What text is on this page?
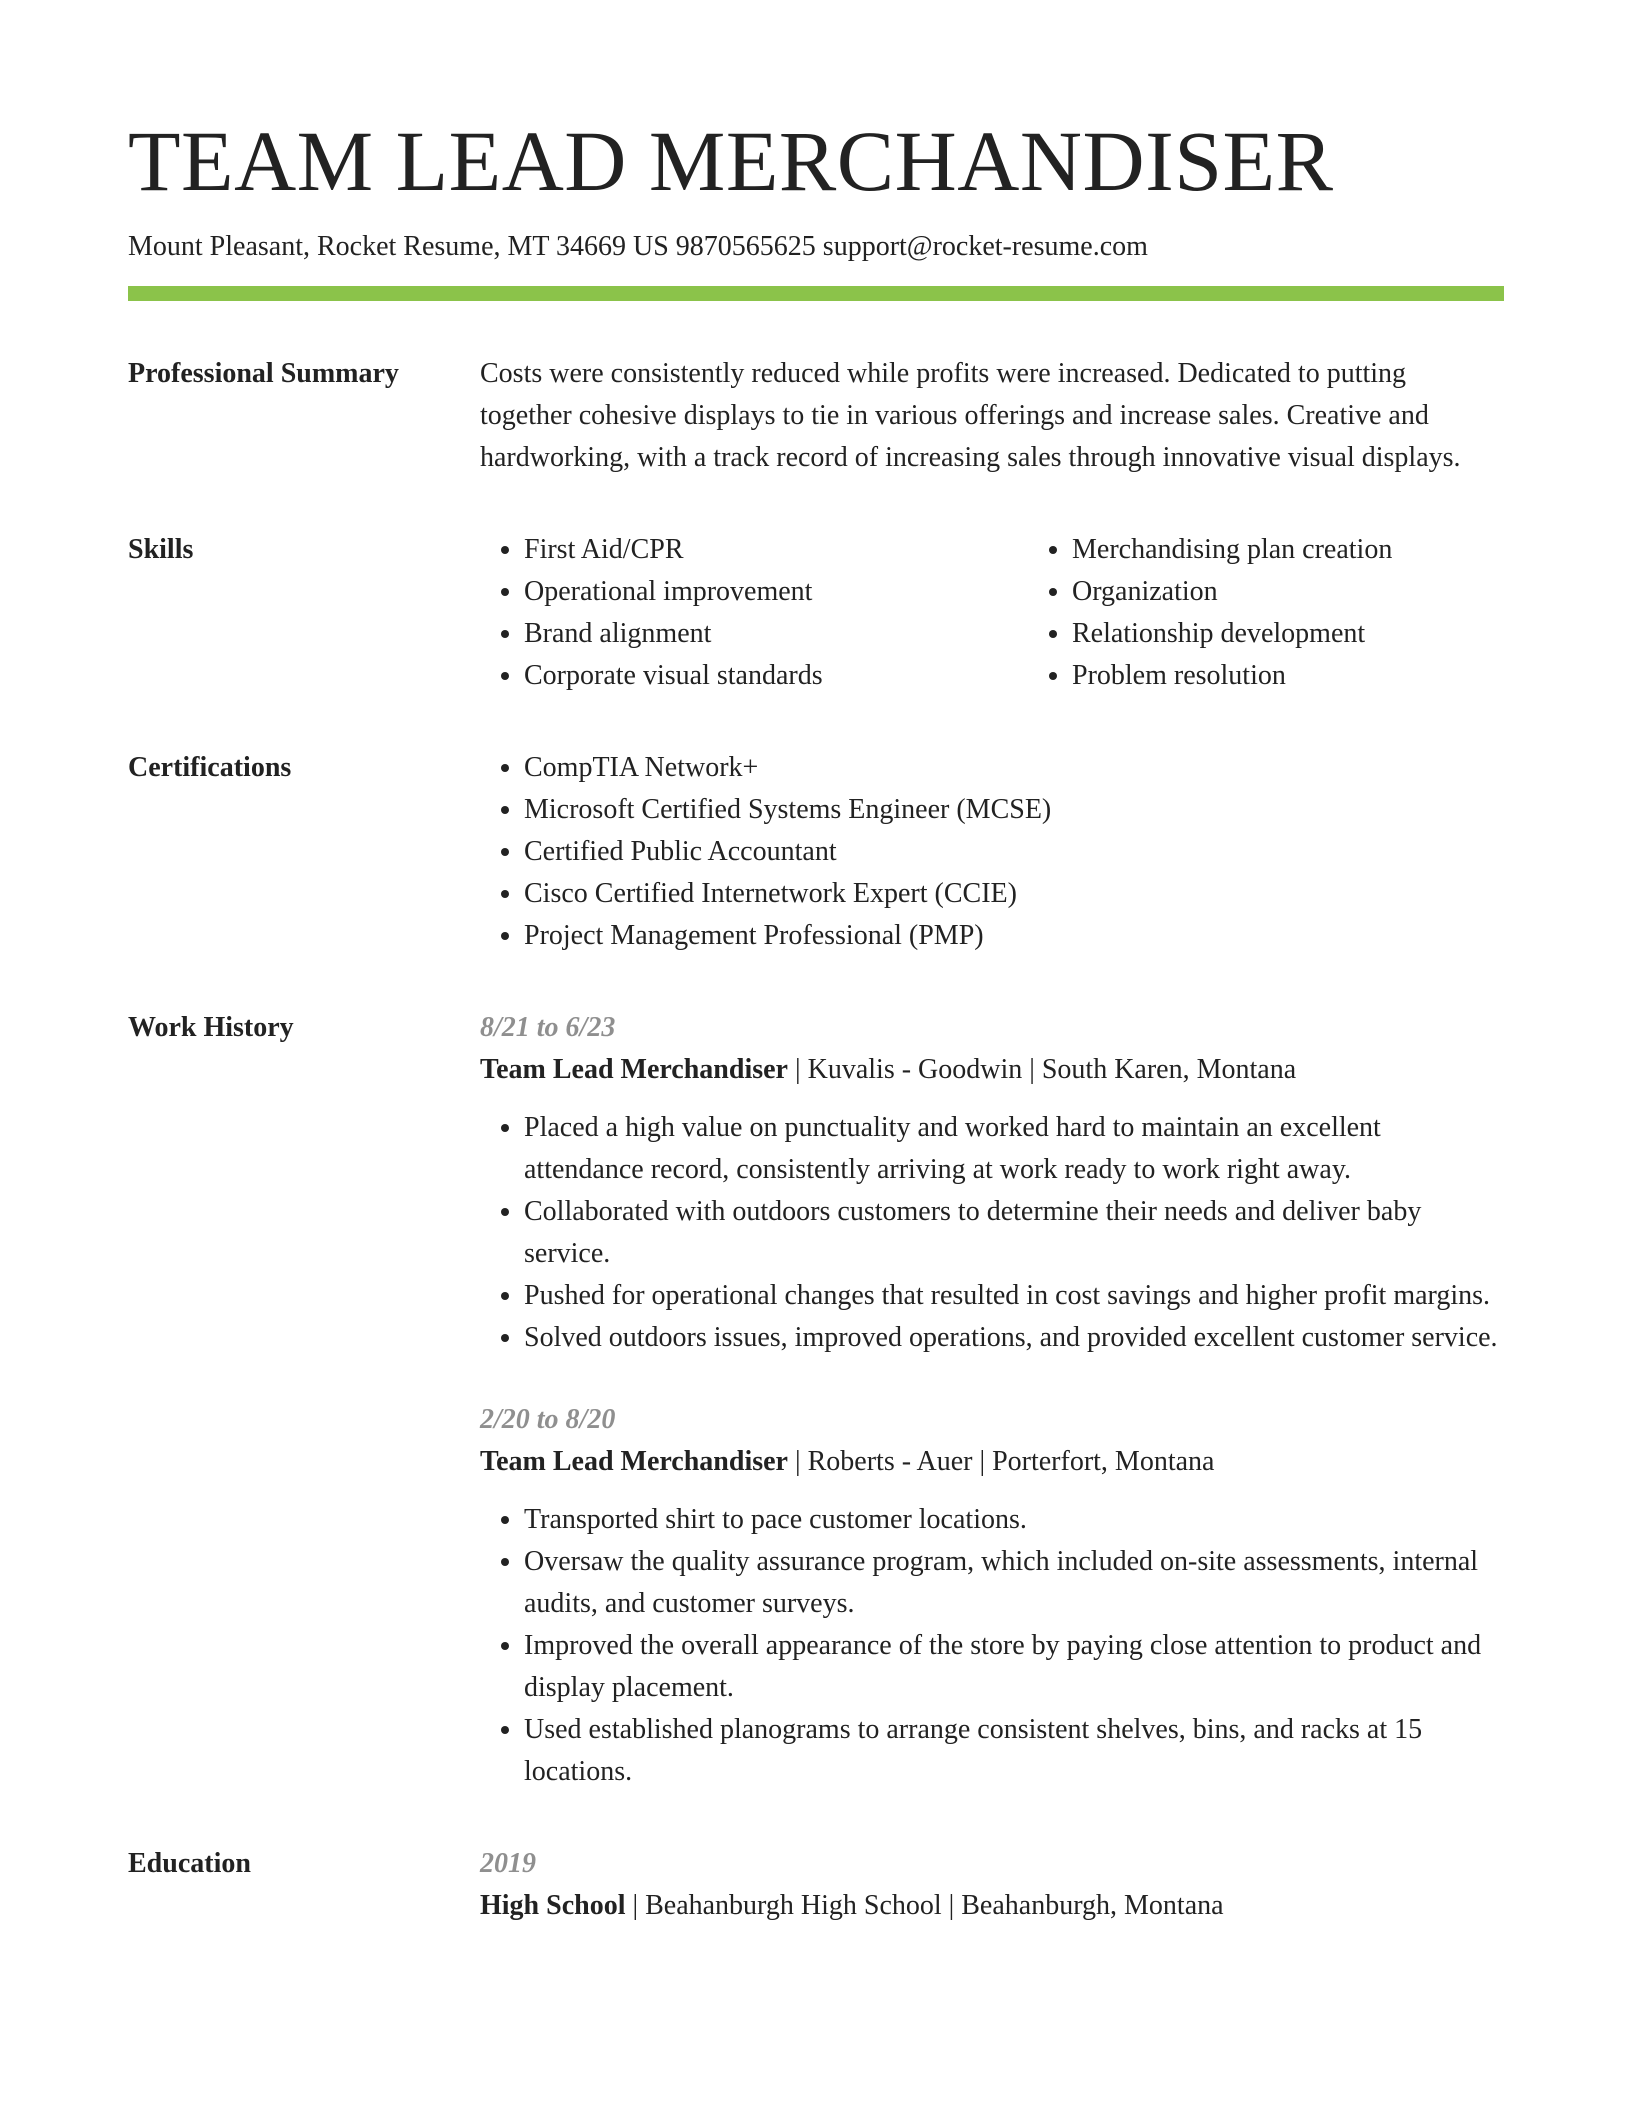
TEAM LEAD MERCHANDISER
Mount Pleasant, Rocket Resume, MT 34669 US 9870565625 support@rocket-resume.com
Professional Summary	Costs were consistently reduced while profits were increased. Dedicated to putting together cohesive displays to tie in various offerings and increase sales. Creative and hardworking, with a track record of increasing sales through innovative visual displays.
Skills	• First Aid/CPR
• Operational improvement
• Brand alignment
• Corporate visual standards
• Merchandising plan creation
• Organization
• Relationship development
• Problem resolution
Certifications	• CompTIA Network+
• Microsoft Certified Systems Engineer (MCSE)
• Certified Public Accountant
• Cisco Certified Internetwork Expert (CCIE)
• Project Management Professional (PMP)
Work History	8/21 to 6/23
Team Lead Merchandiser | Kuvalis - Goodwin | South Karen, Montana
• Placed a high value on punctuality and worked hard to maintain an excellent attendance record, consistently arriving at work ready to work right away.
• Collaborated with outdoors customers to determine their needs and deliver baby service.
• Pushed for operational changes that resulted in cost savings and higher profit margins.
• Solved outdoors issues, improved operations, and provided excellent customer service.
2/20 to 8/20
Team Lead Merchandiser | Roberts - Auer | Porterfort, Montana
• Transported shirt to pace customer locations.
• Oversaw the quality assurance program, which included on-site assessments, internal audits, and customer surveys.
• Improved the overall appearance of the store by paying close attention to product and display placement.
• Used established planograms to arrange consistent shelves, bins, and racks at 15 locations.
Education	2019
High School | Beahanburgh High School | Beahanburgh, Montana
